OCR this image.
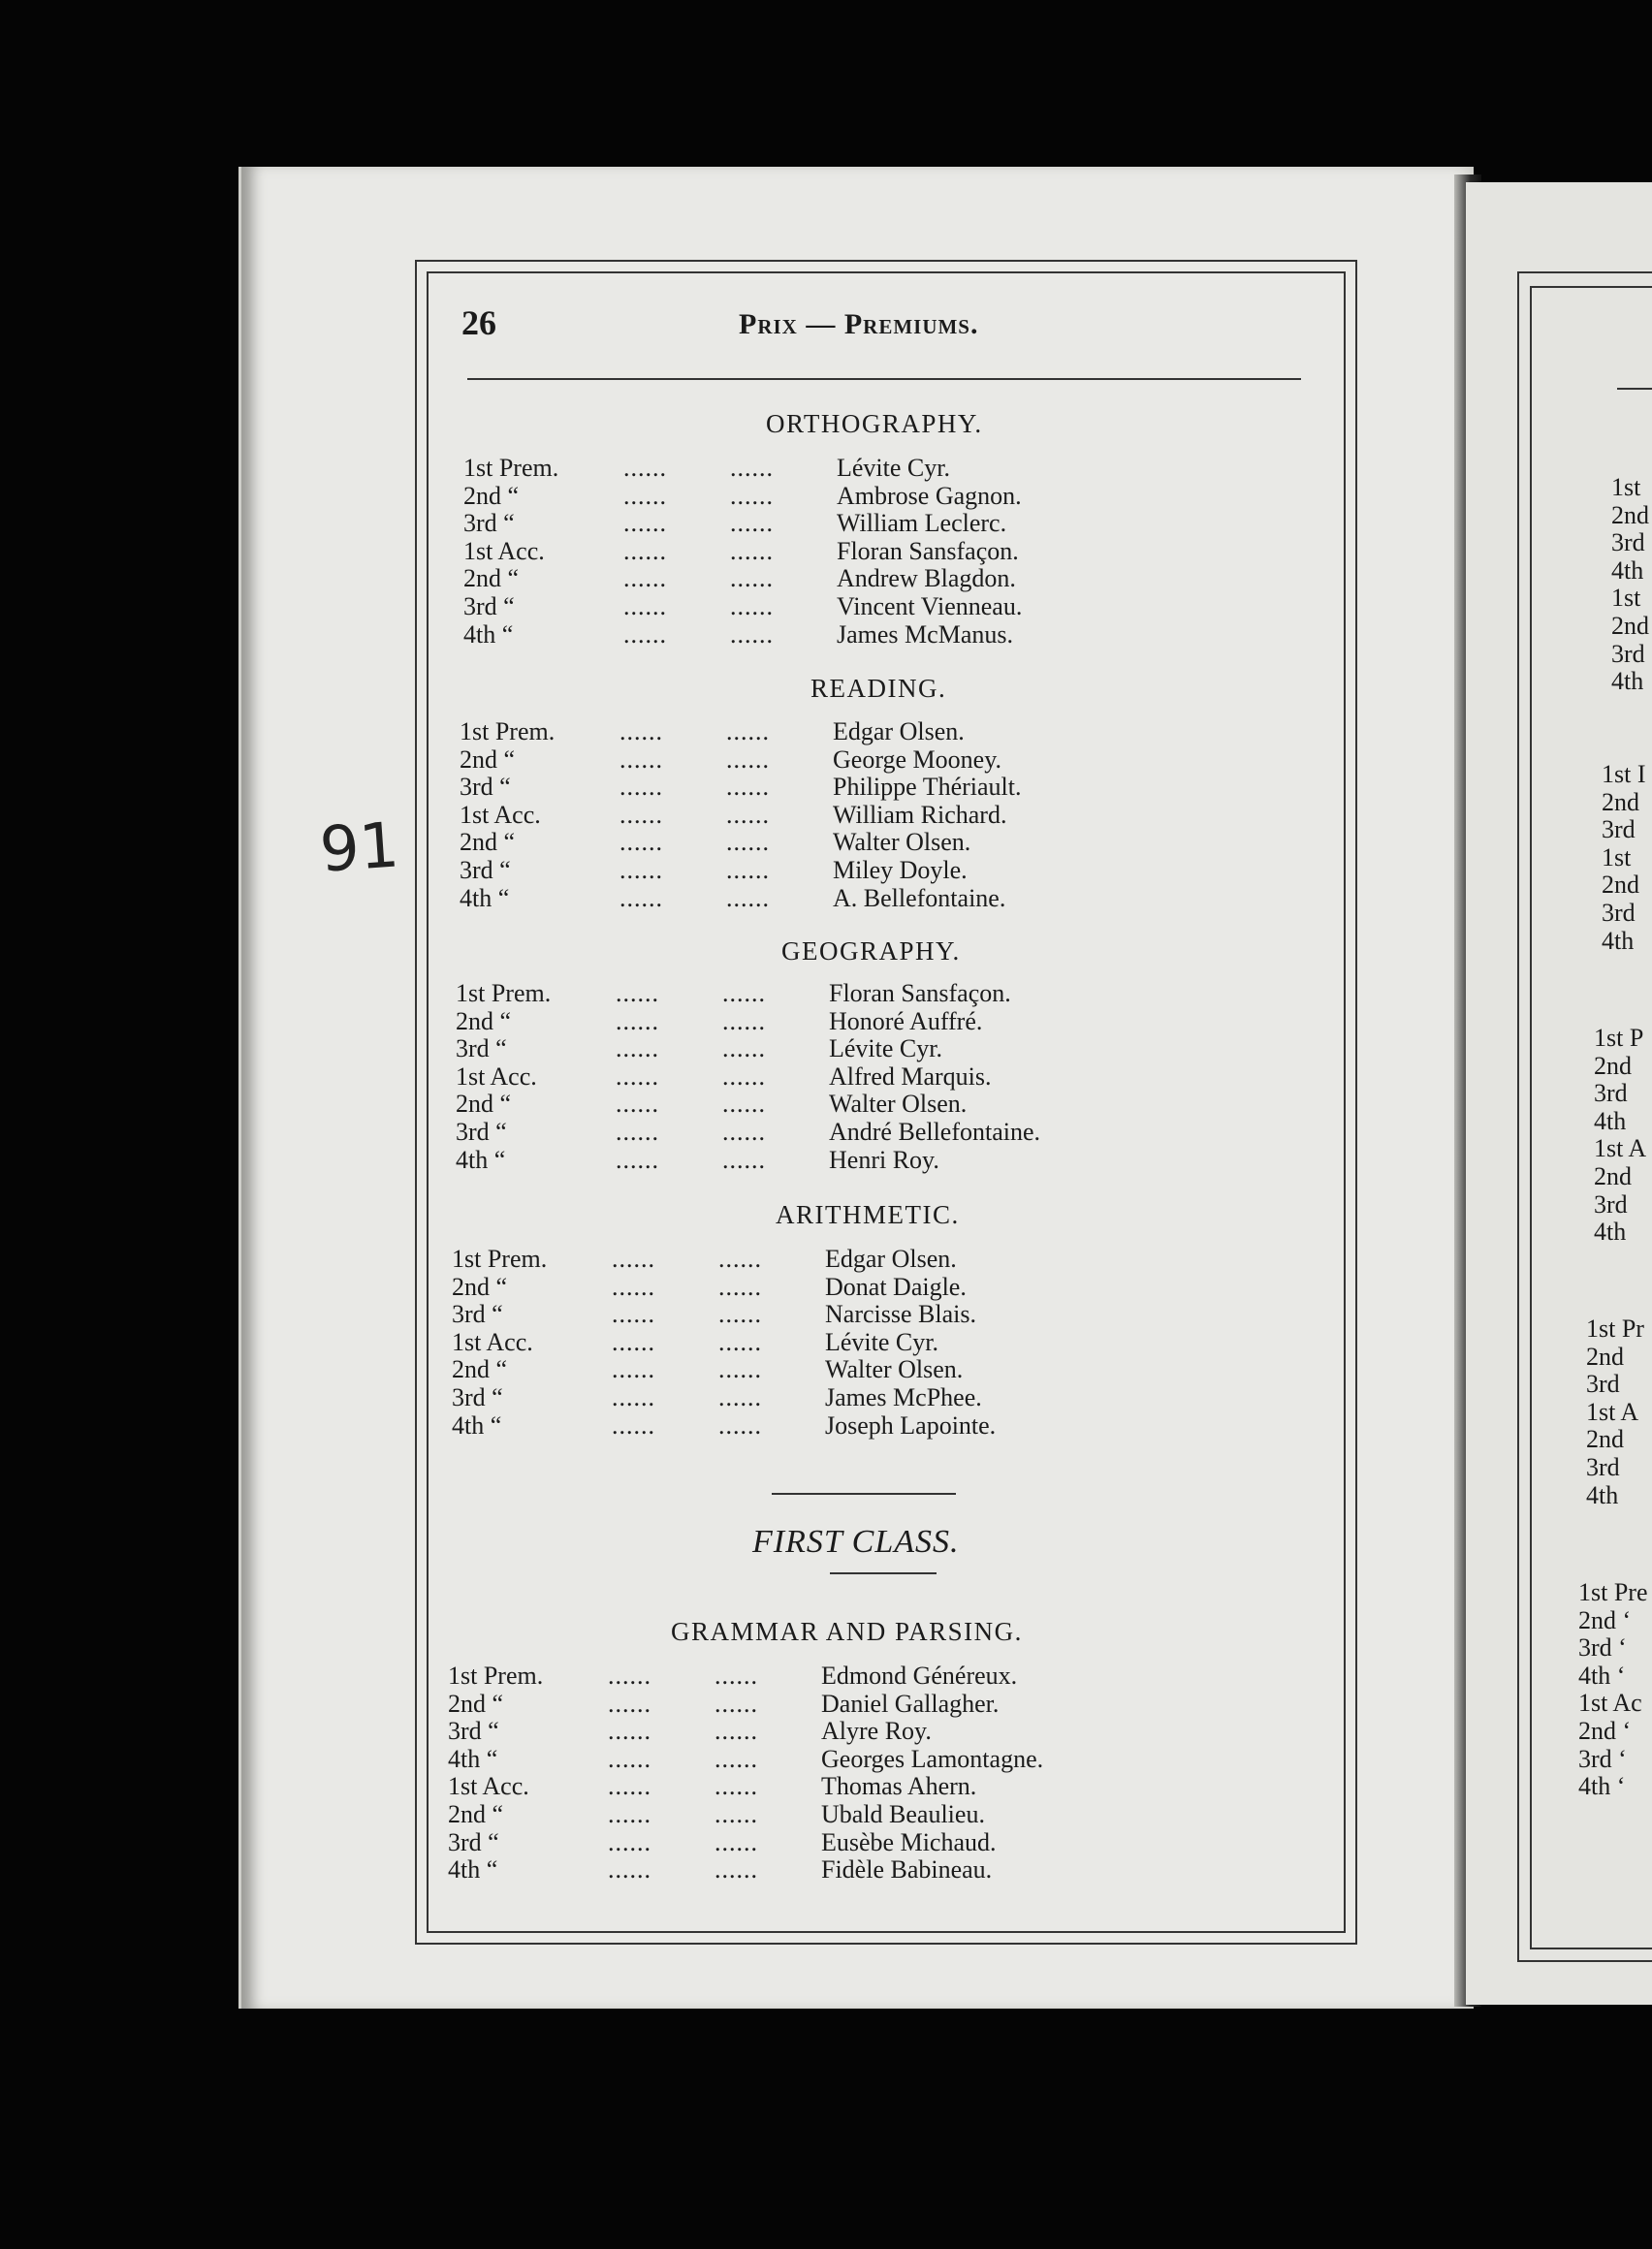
26	Prix — Premiums.
91
ORTHOGRAPHY.
1st Prem.	......	......	Lévite Cyr.
2nd “	......	......	Ambrose Gagnon.
3rd “	......	......	William Leclerc.
1st Acc.	......	......	Floran Sansfaçon.
2nd “	......	......	Andrew Blagdon.
3rd “	......	......	Vincent Vienneau.
4th “	......	......	James McManus.
READING.
1st Prem.	......	......	Edgar Olsen.
2nd “	......	......	George Mooney.
3rd “	......	......	Philippe Thériault.
1st Acc.	......	......	William Richard.
2nd “	......	......	Walter Olsen.
3rd “	......	......	Miley Doyle.
4th “	......	......	A. Bellefontaine.
GEOGRAPHY.
1st Prem.	......	......	Floran Sansfaçon.
2nd “	......	......	Honoré Auffré.
3rd “	......	......	Lévite Cyr.
1st Acc.	......	......	Alfred Marquis.
2nd “	......	......	Walter Olsen.
3rd “	......	......	André Bellefontaine.
4th “	......	......	Henri Roy.
ARITHMETIC.
1st Prem.	......	......	Edgar Olsen.
2nd “	......	......	Donat Daigle.
3rd “	......	......	Narcisse Blais.
1st Acc.	......	......	Lévite Cyr.
2nd “	......	......	Walter Olsen.
3rd “	......	......	James McPhee.
4th “	......	......	Joseph Lapointe.
FIRST CLASS.
GRAMMAR AND PARSING.
1st Prem.	......	......	Edmond Généreux.
2nd “	......	......	Daniel Gallagher.
3rd “	......	......	Alyre Roy.
4th “	......	......	Georges Lamontagne.
1st Acc.	......	......	Thomas Ahern.
2nd “	......	......	Ubald Beaulieu.
3rd “	......	......	Eusèbe Michaud.
4th “	......	......	Fidèle Babineau.
1st
2nd
3rd
4th
1st
2nd
3rd
4th
1st I
2nd
3rd
1st
2nd
3rd
4th
1st P
2nd
3rd
4th
1st A
2nd
3rd
4th
1st Pr
2nd
3rd
1st A
2nd
3rd
4th
1st Pre
2nd ‘
3rd ‘
4th ‘
1st Ac
2nd ‘
3rd ‘
4th ‘
